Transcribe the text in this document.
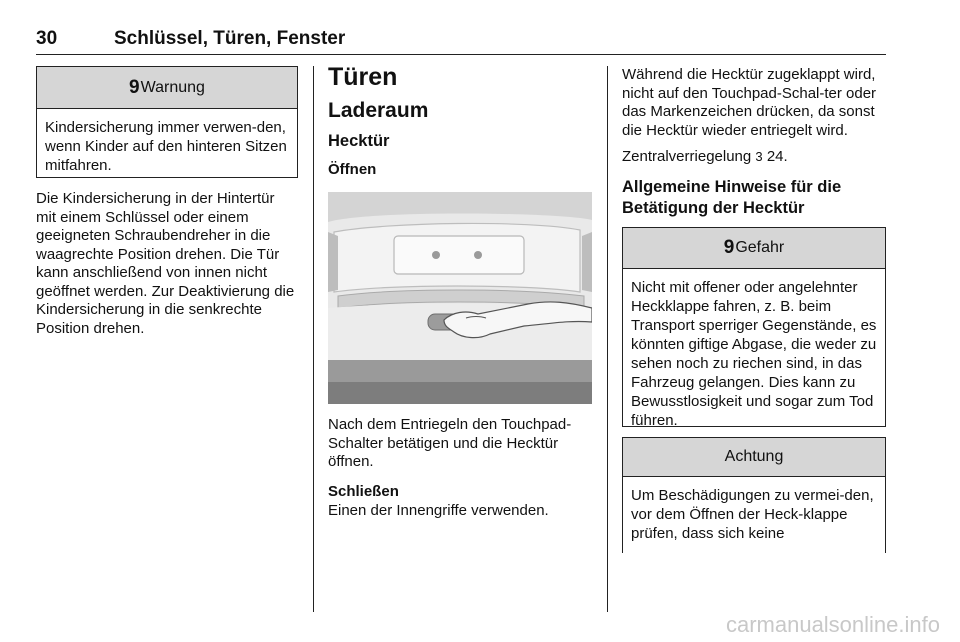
30	Schlüssel, Türen, Fenster
9 Warnung
Kindersicherung immer verwen-den, wenn Kinder auf den hinteren Sitzen mitfahren.

Die Kindersicherung in der Hintertür mit einem Schlüssel oder einem geeigneten Schraubendreher in die waagrechte Position drehen. Die Tür kann anschließend von innen nicht geöffnet werden. Zur Deaktivierung die Kindersicherung in die senkrechte Position drehen.

Türen
Laderaum
Hecktür
Öffnen

Nach dem Entriegeln den Touchpad-Schalter betätigen und die Hecktür öffnen.

Schließen

Einen der Innengriffe verwenden.

Während die Hecktür zugeklappt wird, nicht auf den Touchpad-Schal-ter oder das Markenzeichen drücken, da sonst die Hecktür wieder entriegelt wird.

Zentralverriegelung 3 24.

Allgemeine Hinweise für die Betätigung der Hecktür
9 Gefahr
Nicht mit offener oder angelehnter Heckklappe fahren, z. B. beim Transport sperriger Gegenstände, es könnten giftige Abgase, die weder zu sehen noch zu riechen sind, in das Fahrzeug gelangen. Dies kann zu Bewusstlosigkeit und sogar zum Tod führen.
Achtung
Um Beschädigungen zu vermei-den, vor dem Öffnen der Heck-klappe prüfen, dass sich keine
carmanualsonline.info
